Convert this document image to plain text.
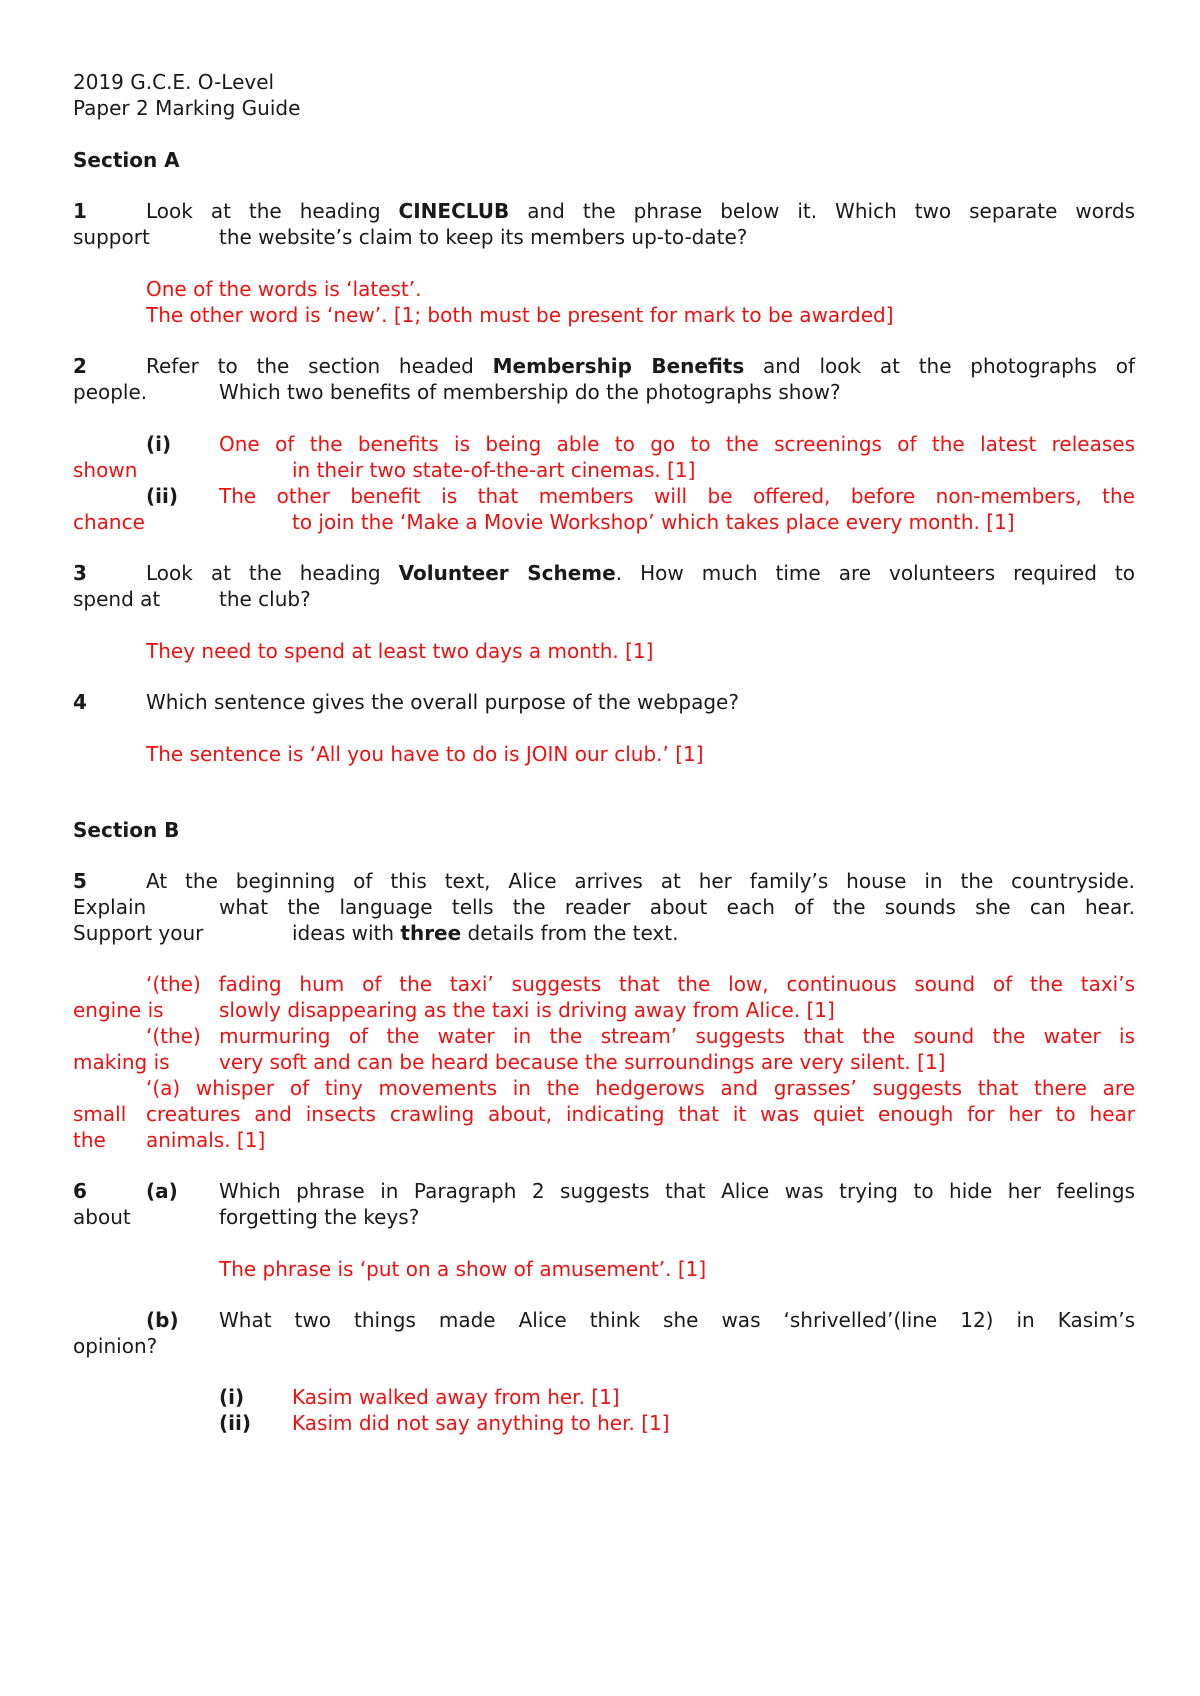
2019 G.C.E. O-Level
Paper 2 Marking Guide
Section A
1	Look at the heading CINECLUB and the phrase below it. Which two separate words
support	the website’s claim to keep its members up-to-date?
One of the words is ‘latest’.
The other word is ‘new’. [1; both must be present for mark to be awarded]
2	Refer to the section headed Membership Benefits and look at the photographs of
people.	Which two benefits of membership do the photographs show?
(i) One of the benefits is being able to go to the screenings of the latest releases
shown	in their two state-of-the-art cinemas. [1]
(ii) The other benefit is that members will be offered, before non-members, the
chance	to join the ‘Make a Movie Workshop’ which takes place every month. [1]
3	Look at the heading Volunteer Scheme. How much time are volunteers required to
spend at	the club?
They need to spend at least two days a month. [1]
4	Which sentence gives the overall purpose of the webpage?
The sentence is ‘All you have to do is JOIN our club.’ [1]
Section B
5	At the beginning of this text, Alice arrives at her family’s house in the countryside.
Explain	what the language tells the reader about each of the sounds she can hear.
Support your	ideas with three details from the text.
‘(the) fading hum of the taxi’ suggests that the low, continuous sound of the taxi’s
engine is	slowly disappearing as the taxi is driving away from Alice. [1]
‘(the) murmuring of the water in the stream’ suggests that the sound the water is
making is very soft and can be heard because the surroundings are very silent. [1]
‘(a) whisper of tiny movements in the hedgerows and grasses’ suggests that there are
small creatures and insects crawling about, indicating that it was quiet enough for her to hear
the animals. [1]
6	(a) Which phrase in Paragraph 2 suggests that Alice was trying to hide her feelings
about	forgetting the keys?
The phrase is ‘put on a show of amusement’. [1]
(b) What two things made Alice think she was ‘shrivelled’(line 12) in Kasim’s
opinion?
(i) Kasim walked away from her. [1]
(ii) Kasim did not say anything to her. [1]
